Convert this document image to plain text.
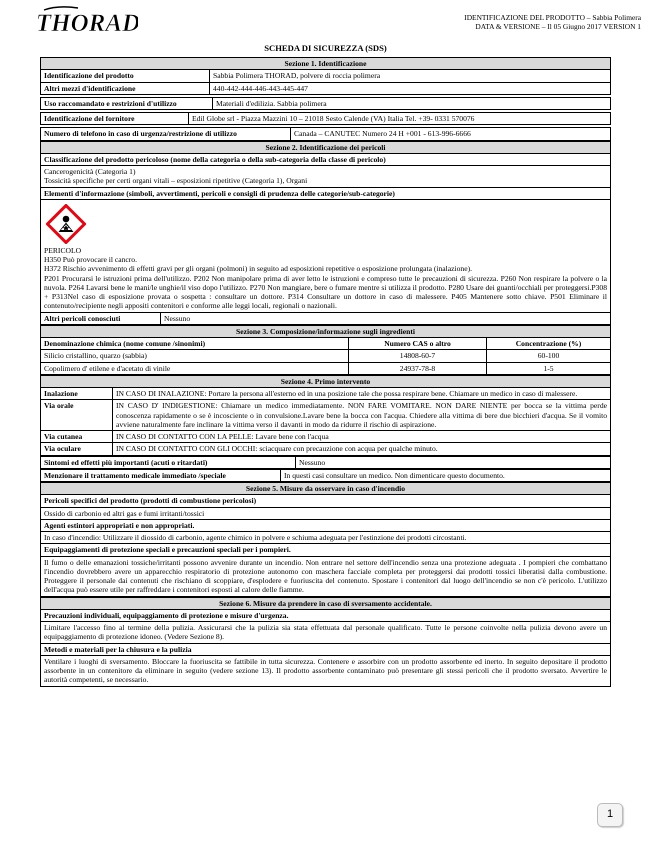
THORAD	IDENTIFICAZIONE DEL PRODOTTO – Sabbia Polimera
DATA & VERSIONE – Il 05 Giugno 2017 VERSION 1
SCHEDA DI SICUREZZA (SDS)
Sezione 1. Identificazione	
Identificazione del prodotto	Sabbia Polimera THORAD, polvere di roccia polimera
Altri mezzi d'identificazione	440-442-444-446-443-445-447
Uso raccomandato e restrizioni d'utilizzo	Materiali d'edilizia. Sabbia polimera
Identificazione del fornitore	Edil Globe srl - Piazza Mazzini 10 – 21018 Sesto Calende (VA) Italia Tel. +39- 0331 570076
Numero di telefono in caso di urgenza/restrizione di utilizzo	Canada – CANUTEC Numero 24 H +001 - 613-996-6666
Sezione 2. Identificazione dei pericoli
Classificazione del prodotto pericoloso (nome della categoria o della sub-categoria della classe di pericolo)

Cancerogenicità (Categoria 1)
Tossicità specifiche per certi organi vitali – esposizioni ripetitive (Categoria 1), Organi

Elementi d'informazione (simboli, avvertimenti, pericoli e consigli di prudenza delle categorie/sub-categorie)

PERICOLO
H350 Può provocare il cancro.
H372 Rischio avvenimento di effetti gravi per gli organi (polmoni) in seguito ad esposizioni repetitive o esposizione prolungata (inalazione).
P201 Procurarsi le istruzioni prima dell'utilizzo. P202 Non manipolare prima di aver letto le istruzioni e compreso tutte le precauzioni di sicurezza. P260 Non respirare la polvere o la nuvola. P264 Lavarsi bene le mani/le unghie/il viso dopo l'utilizzo. P270 Non mangiare, bere o fumare mentre si utilizza il prodotto. P280 Usare dei guanti/occhiali per proteggersi.P308 + P313Nel caso di esposizione provata o sospetta : consultare un dottore. P314 Consultare un dottore in caso di malessere. P405 Mantenere sotto chiave. P501 Eliminare il contenuto/recipiente negli appositi contenitori e conforme alle leggi locali, regionali o nazionali.

Altri pericoli conosciuti	Nessuno
Sezione 3. Composizione/informazione sugli ingredienti		
Denominazione chimica (nome comune /sinonimi)	Numero CAS o altro	Concentrazione (%)
Silicio cristallino, quarzo (sabbia)	14808-60-7	60-100
Copolimero d' etilene e d'acetato di vinile	24937-78-8	1-5
Sezione 4. Primo intervento	
Inalazione	IN CASO DI INALAZIONE: Portare la persona all'esterno ed in una posizione tale che possa respirare bene. Chiamare un medico in caso di malessere.
Via orale	IN CASO D' INDIGESTIONE: Chiamare un medico immediatamente. NON FARE VOMITARE. NON DARE NIENTE per bocca se la vittima perde conoscenza rapidamente o se è incosciente o in convulsione.Lavare bene la bocca con l'acqua. Chiedere alla vittima di bere due bicchieri d'acqua. Se il vomito avviene naturalmente fare inclinare la vittima verso il davanti in modo da ridurre il rischio di aspirazione.
Via cutanea	IN CASO DI CONTATTO CON LA PELLE: Lavare bene con l'acqua
Via oculare	IN CASO DI CONTATTO CON GLI OCCHI: sciacquare con precauzione con acqua per qualche minuto.
Sintomi ed effetti più importanti (acuti o ritardati)	Nessuno
Menzionare il trattamento medicale immediato /speciale	In questi casi consultare un medico. Non dimenticare questo documento.
Sezione 5. Misure da osservare in caso d'incendio
Pericoli specifici del prodotto (prodotti di combustione pericolosi)
Ossido di carbonio ed altri gas e fumi irritanti/tossici
Agenti estintori appropriati e non appropriati.
In caso d'incendio: Utilizzare il diossido di carbonio, agente chimico in polvere e schiuma adeguata per l'estinzione dei prodotti circostanti.
Equipaggiamenti di protezione speciali e precauzioni speciali per i pompieri.
Il fumo o delle emanazioni tossiche/irritanti possono avvenire durante un incendio. Non entrare nel settore dell'incendio senza una protezione adeguata . I pompieri che combattano l'incendio dovrebbero avere un apparecchio respiratorio di protezione autonomo con maschera facciale completa per proteggersi dai prodotti tossici liberatisi dalla combustione. Proteggere il personale dai contenuti che rischiano di scoppiare, d'esplodere e fuoriuscita del contenuto. Spostare i contenitori dal luogo dell'incendio se non c'è pericolo. L'utilizzo dell'acqua può essere utile per raffreddare i contenitori esposti al calore delle fiamme.
Sezione 6. Misure da prendere in caso di sversamento accidentale.
Precauzioni individuali, equipaggiamento di protezione e misure d'urgenza.
Limitare l'accesso fino al termine della pulizia. Assicurarsi che la pulizia sia stata effettuata dal personale qualificato. Tutte le persone coinvolte nella pulizia devono avere un equipaggiamento di protezione idoneo. (Vedere Sezione 8).
Metodi e materiali per la chiusura e la pulizia
Ventilare i luoghi di sversamento. Bloccare la fuoriuscita se fattibile in tutta sicurezza. Contenere e assorbire con un prodotto assorbente ed inerto. In seguito depositare il prodotto assorbente in un contenitore da eliminare in seguito (vedere sezione 13). Il prodotto assorbente contaminato può presentare gli stessi pericoli che il prodotto sversato. Avvertire le autorità competenti, se necessario.
1
